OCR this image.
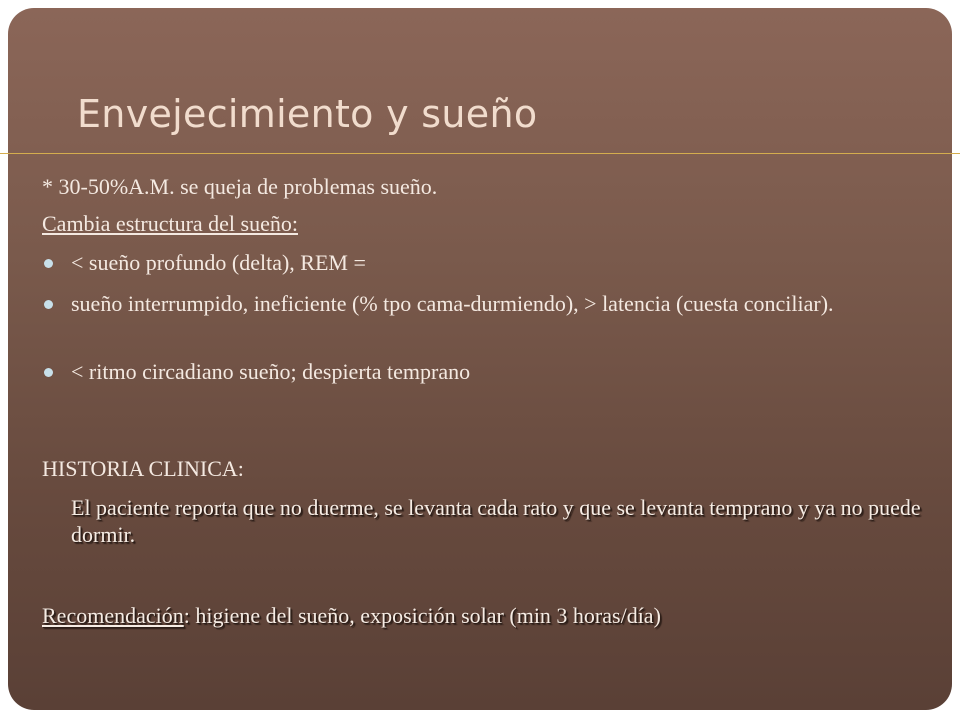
Envejecimiento y sueño
* 30-50%A.M. se queja de problemas sueño.
Cambia estructura del sueño:
< sueño profundo (delta), REM =
sueño interrumpido, ineficiente (% tpo cama-durmiendo), > latencia (cuesta conciliar).
< ritmo circadiano sueño; despierta temprano
HISTORIA CLINICA:
El paciente reporta que no duerme, se levanta cada rato y que se levanta temprano y ya no puede dormir.
Recomendación: higiene del sueño, exposición solar (min 3 horas/día)
